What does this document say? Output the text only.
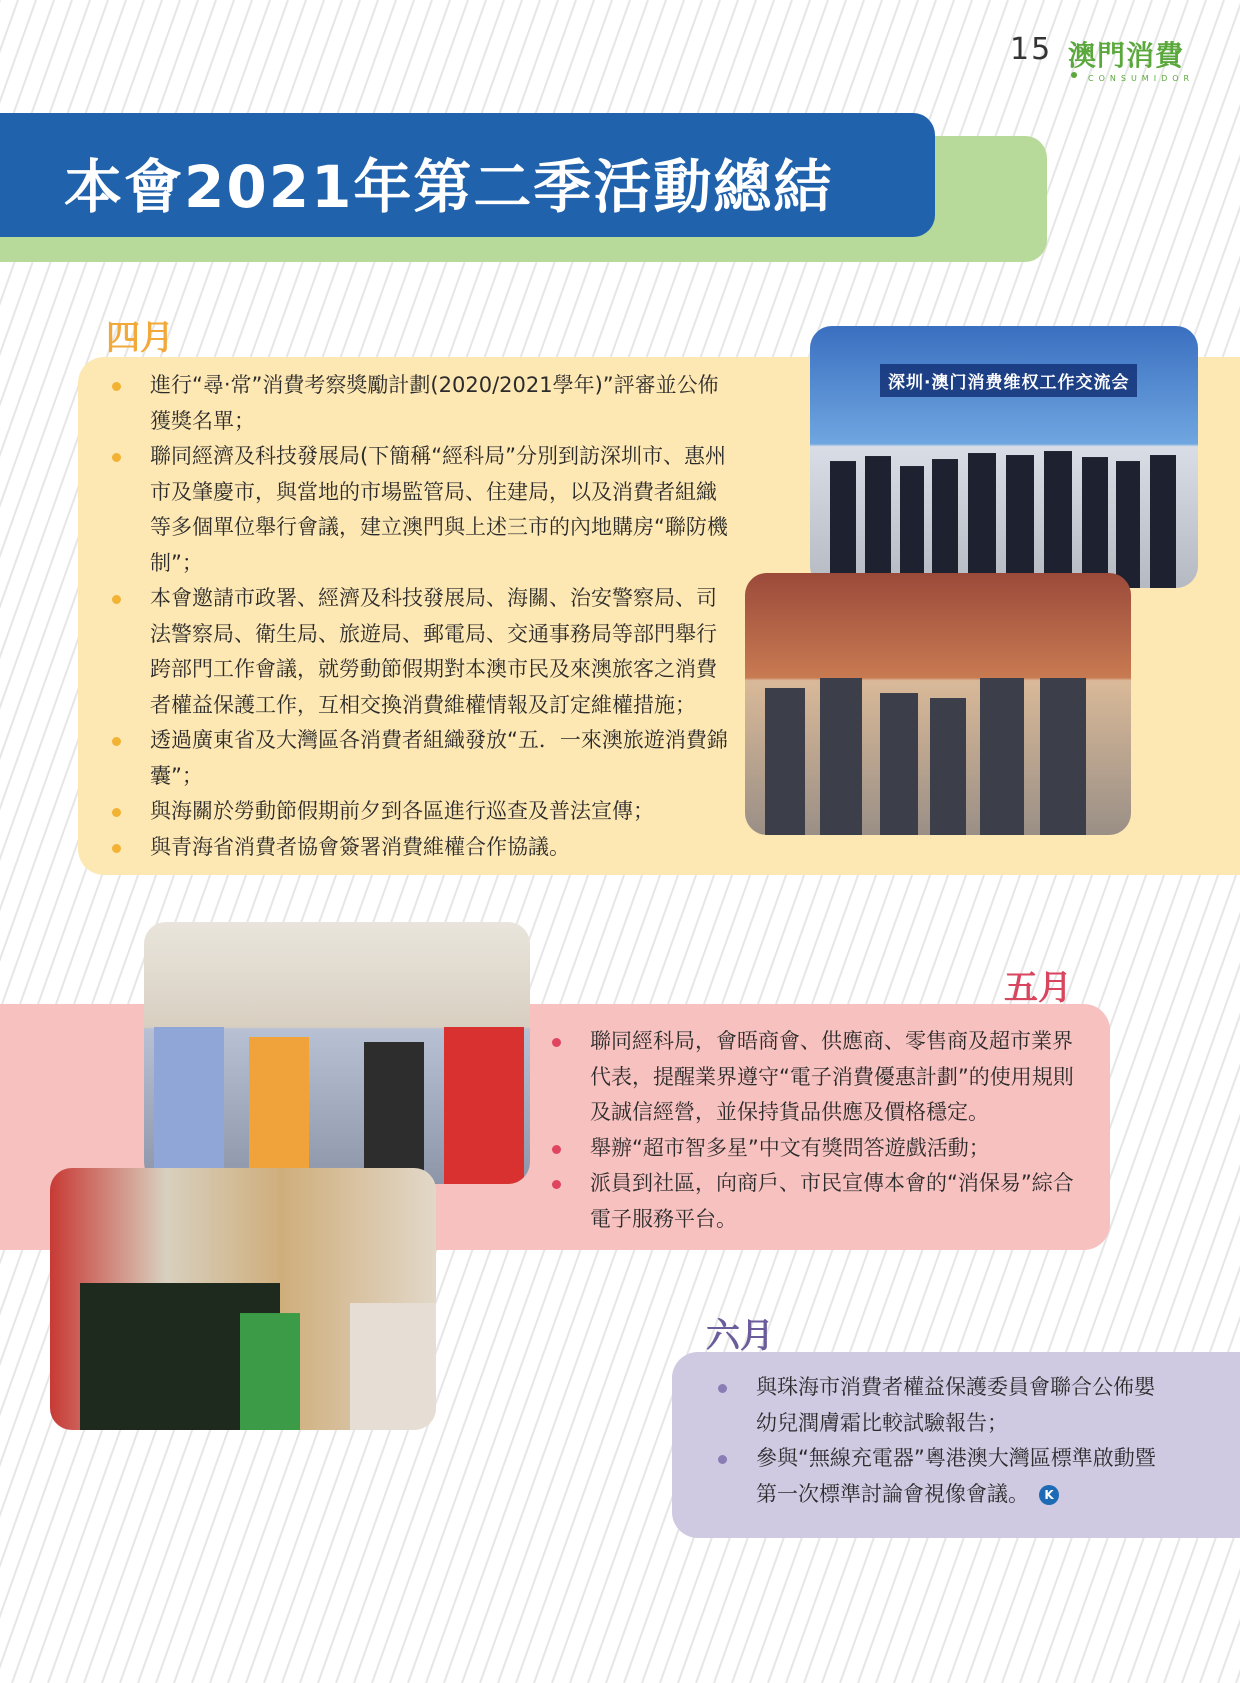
15 澳門消費
CONSUMIDOR
本會2021年第二季活動總結
四月
進行“尋‧常”消費考察獎勵計劃(2020/2021學年)”評審並公佈獲獎名單；
聯同經濟及科技發展局(下簡稱“經科局”分別到訪深圳市、惠州市及肇慶市，與當地的市場監管局、住建局，以及消費者組織等多個單位舉行會議，建立澳門與上述三市的內地購房“聯防機制”；
本會邀請市政署、經濟及科技發展局、海關、治安警察局、司法警察局、衛生局、旅遊局、郵電局、交通事務局等部門舉行跨部門工作會議，就勞動節假期對本澳市民及來澳旅客之消費者權益保護工作，互相交換消費維權情報及訂定維權措施；
透過廣東省及大灣區各消費者組織發放“五．一來澳旅遊消費錦囊”；
與海關於勞動節假期前夕到各區進行巡查及普法宣傳；
與青海省消費者協會簽署消費維權合作協議。
深圳·澳门消费维权工作交流会
五月
聯同經科局，會晤商會、供應商、零售商及超市業界代表，提醒業界遵守“電子消費優惠計劃”的使用規則及誠信經營，並保持貨品供應及價格穩定。
舉辦“超市智多星”中文有獎問答遊戲活動；
派員到社區，向商戶、市民宣傳本會的“消保易”綜合電子服務平台。
六月
與珠海市消費者權益保護委員會聯合公佈嬰幼兒潤膚霜比較試驗報告；
參與“無線充電器”粵港澳大灣區標準啟動暨第一次標準討論會視像會議。 K
